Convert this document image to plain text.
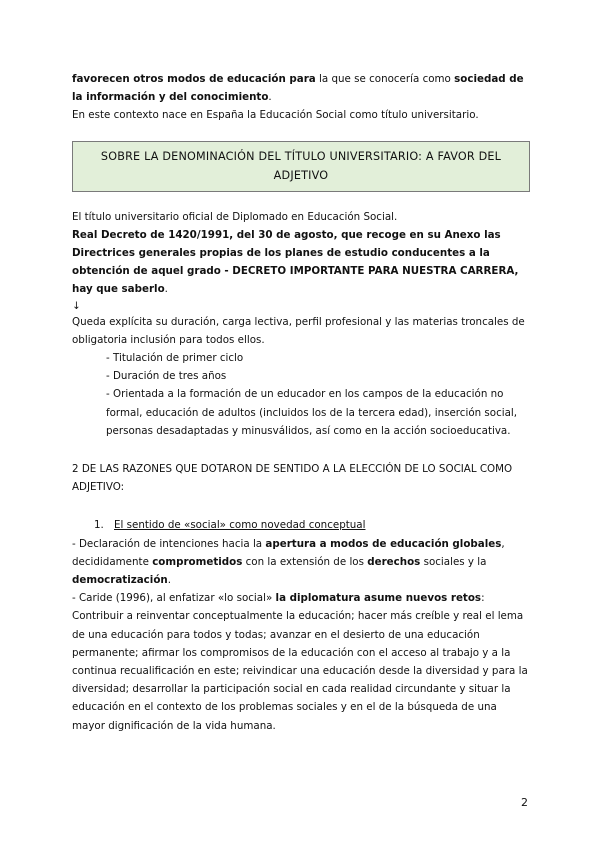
favorecen otros modos de educación para la que se conocería como sociedad de la información y del conocimiento.

En este contexto nace en España la Educación Social como título universitario.

SOBRE LA DENOMINACIÓN DEL TÍTULO UNIVERSITARIO: A FAVOR DEL ADJETIVO

El título universitario oficial de Diplomado en Educación Social.

Real Decreto de 1420/1991, del 30 de agosto, que recoge en su Anexo las Directrices generales propias de los planes de estudio conducentes a la obtención de aquel grado - DECRETO IMPORTANTE PARA NUESTRA CARRERA, hay que saberlo.

↓

Queda explícita su duración, carga lectiva, perfil profesional y las materias troncales de obligatoria inclusión para todos ellos.

- Titulación de primer ciclo

- Duración de tres años

- Orientada a la formación de un educador en los campos de la educación no formal, educación de adultos (incluidos los de la tercera edad), inserción social, personas desadaptadas y minusválidos, así como en la acción socioeducativa.

2 DE LAS RAZONES QUE DOTARON DE SENTIDO A LA ELECCIÓN DE LO SOCIAL COMO ADJETIVO:

1. El sentido de «social» como novedad conceptual

- Declaración de intenciones hacia la apertura a modos de educación globales, decididamente comprometidos con la extensión de los derechos sociales y la democratización.

- Caride (1996), al enfatizar «lo social» la diplomatura asume nuevos retos: Contribuir a reinventar conceptualmente la educación; hacer más creíble y real el lema de una educación para todos y todas; avanzar en el desierto de una educación permanente; afirmar los compromisos de la educación con el acceso al trabajo y a la continua recualificación en este; reivindicar una educación desde la diversidad y para la diversidad; desarrollar la participación social en cada realidad circundante y situar la educación en el contexto de los problemas sociales y en el de la búsqueda de una mayor dignificación de la vida humana.

2
